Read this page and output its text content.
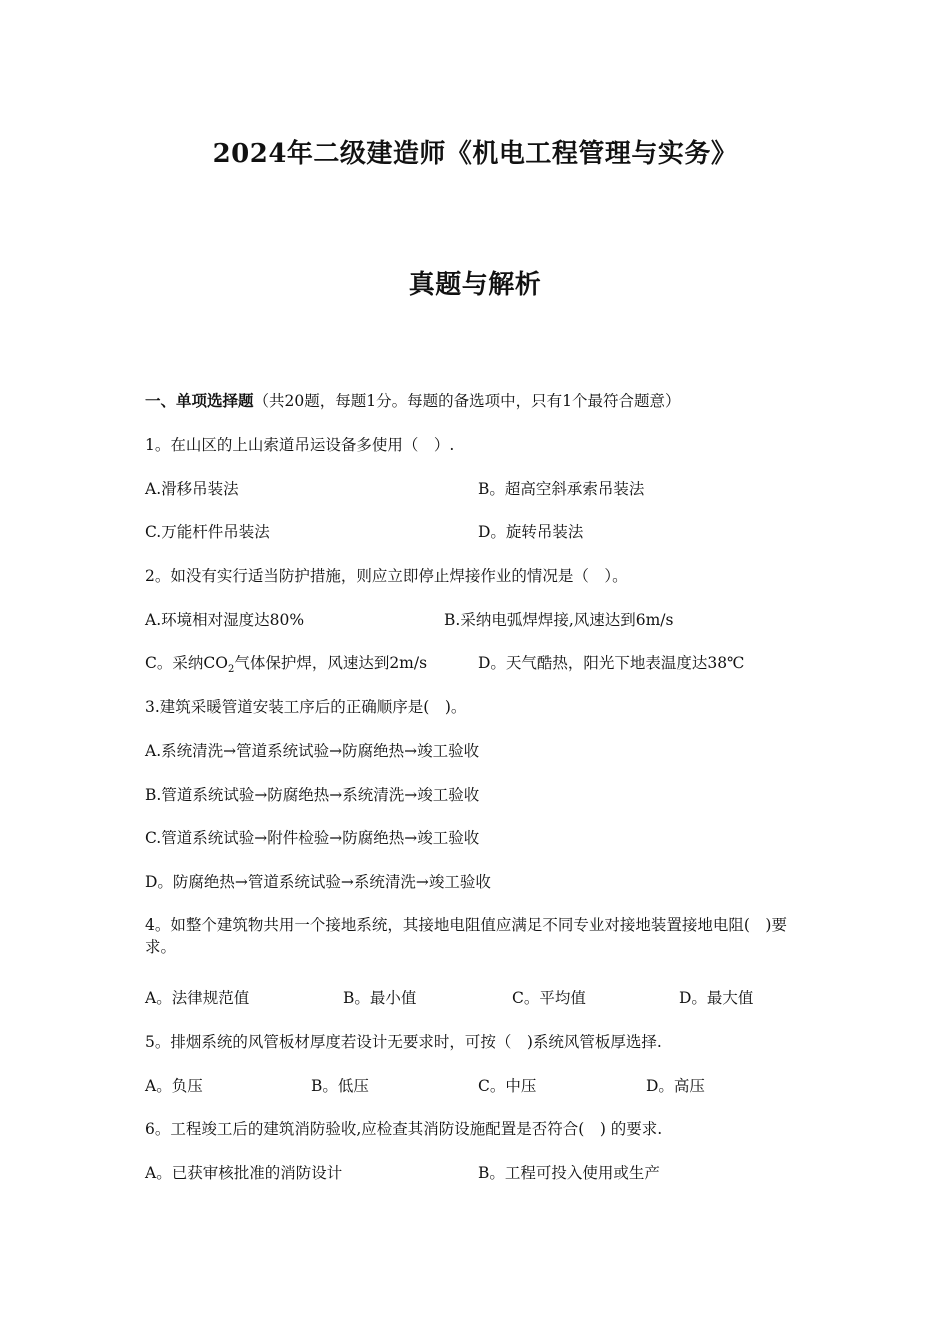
2024年二级建造师《机电工程管理与实务》
真题与解析
一、单项选择题（共20题，每题1分。每题的备选项中，只有1个最符合题意）
1。在山区的上山索道吊运设备多使用（　）.
A.滑移吊装法	B。超高空斜承索吊装法
C.万能杆件吊装法	D。旋转吊装法
2。如没有实行适当防护措施，则应立即停止焊接作业的情况是（　）。
A.环境相对湿度达80%	B.采纳电弧焊焊接,风速达到6m/s
C。采纳$CO_2$气体保护焊，风速达到2m/s	D。天气酷热，阳光下地表温度达38℃
3.建筑采暖管道安装工序后的正确顺序是(　)。
A.系统清洗→管道系统试验→防腐绝热→竣工验收
B.管道系统试验→防腐绝热→系统清洗→竣工验收
C.管道系统试验→附件检验→防腐绝热→竣工验收
D。防腐绝热→管道系统试验→系统清洗→竣工验收
4。如整个建筑物共用一个接地系统，其接地电阻值应满足不同专业对接地装置接地电阻(　)要求。
A。法律规范值	B。最小值	C。平均值	D。最大值
5。排烟系统的风管板材厚度若设计无要求时，可按（　)系统风管板厚选择.
A。负压	B。低压	C。中压	D。高压
6。工程竣工后的建筑消防验收,应检查其消防设施配置是否符合(　) 的要求.
A。已获审核批准的消防设计	B。工程可投入使用或生产
